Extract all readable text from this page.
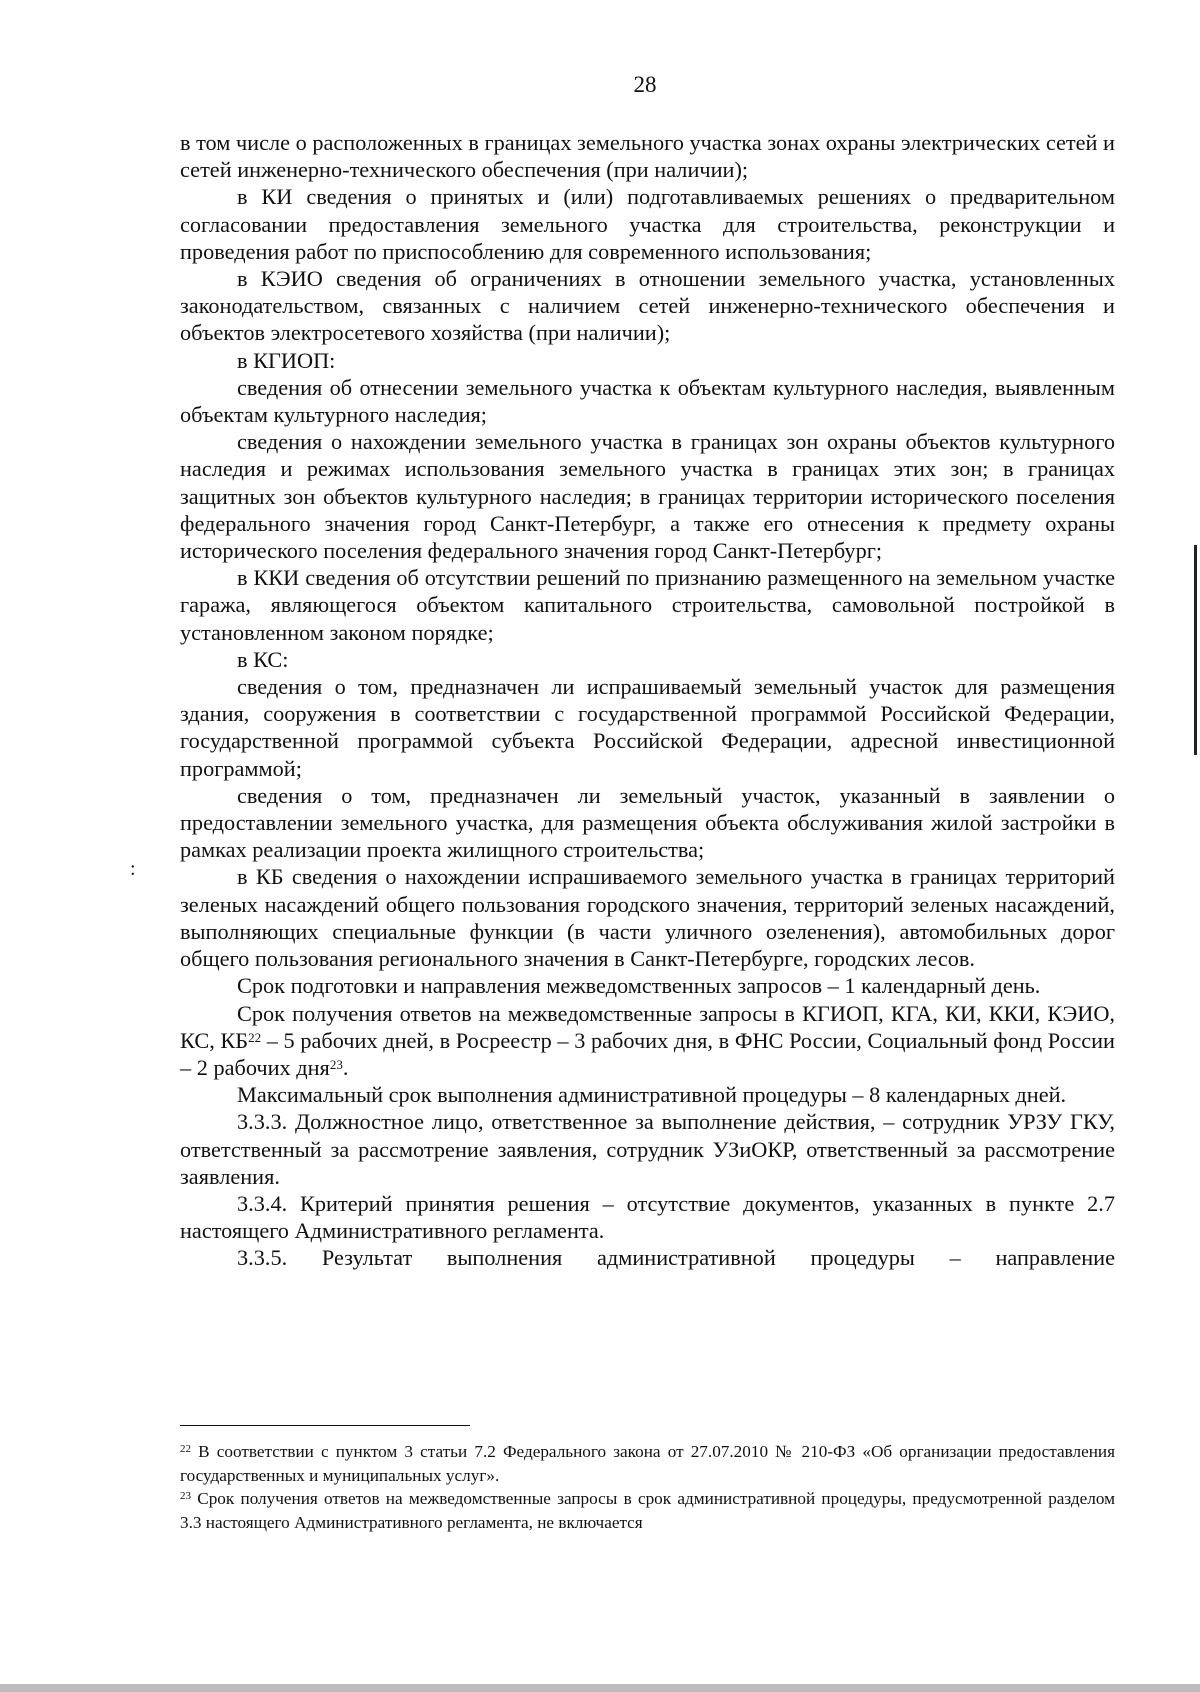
28

в том числе о расположенных в границах земельного участка зонах охраны электрических сетей и сетей инженерно-технического обеспечения (при наличии);

в КИ сведения о принятых и (или) подготавливаемых решениях о предварительном согласовании предоставления земельного участка для строительства, реконструкции и проведения работ по приспособлению для современного использования;

в КЭИО сведения об ограничениях в отношении земельного участка, установленных законодательством, связанных с наличием сетей инженерно-технического обеспечения и объектов электросетевого хозяйства (при наличии);

в КГИОП:

сведения об отнесении земельного участка к объектам культурного наследия, выявленным объектам культурного наследия;

сведения о нахождении земельного участка в границах зон охраны объектов культурного наследия и режимах использования земельного участка в границах этих зон; в границах защитных зон объектов культурного наследия; в границах территории исторического поселения федерального значения город Санкт-Петербург, а также его отнесения к предмету охраны исторического поселения федерального значения город Санкт-Петербург;

в ККИ сведения об отсутствии решений по признанию размещенного на земельном участке гаража, являющегося объектом капитального строительства, самовольной постройкой в установленном законом порядке;

в КС:

сведения о том, предназначен ли испрашиваемый земельный участок для размещения здания, сооружения в соответствии с государственной программой Российской Федерации, государственной программой субъекта Российской Федерации, адресной инвестиционной программой;

сведения о том, предназначен ли земельный участок, указанный в заявлении о предоставлении земельного участка, для размещения объекта обслуживания жилой застройки в рамках реализации проекта жилищного строительства;

в КБ сведения о нахождении испрашиваемого земельного участка в границах территорий зеленых насаждений общего пользования городского значения, территорий зеленых насаждений, выполняющих специальные функции (в части уличного озеленения), автомобильных дорог общего пользования регионального значения в Санкт-Петербурге, городских лесов.

Срок подготовки и направления межведомственных запросов – 1 календарный день.

Срок получения ответов на межведомственные запросы в КГИОП, КГА, КИ, ККИ, КЭИО, КС, КБ$^{22}$ – 5 рабочих дней, в Росреестр – 3 рабочих дня, в ФНС России, Социальный фонд России – 2 рабочих дня$^{23}$.

Максимальный срок выполнения административной процедуры – 8 календарных дней.

3.3.3. Должностное лицо, ответственное за выполнение действия, – сотрудник УРЗУ ГКУ, ответственный за рассмотрение заявления, сотрудник УЗиОКР, ответственный за рассмотрение заявления.

3.3.4. Критерий принятия решения – отсутствие документов, указанных в пункте 2.7 настоящего Административного регламента.

3.3.5. Результат выполнения административной процедуры – направление

$^{22}$ В соответствии с пунктом 3 статьи 7.2 Федерального закона от 27.07.2010 № 210-ФЗ «Об организации предоставления государственных и муниципальных услуг».

$^{23}$ Срок получения ответов на межведомственные запросы в срок административной процедуры, предусмотренной разделом 3.3 настоящего Административного регламента, не включается

:
